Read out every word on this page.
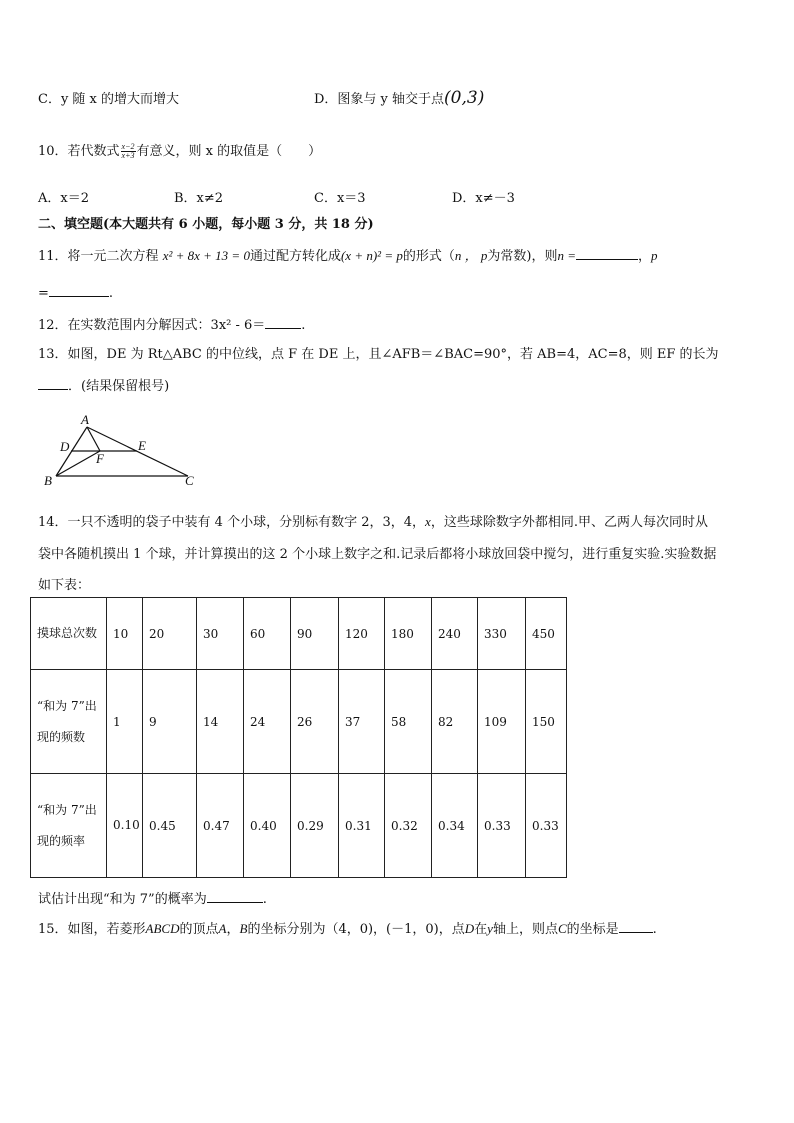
C．y 随 x 的增大而增大	D．图象与 y 轴交于点(0,3)
10．若代数式 $\frac{x-2}{x+3}$ 有意义，则 x 的取值是（　　）
A．x＝2	B．x≠2	C．x＝3	D．x≠－3
二、填空题(本大题共有 6 小题，每小题 3 分，共 18 分)
11．将一元二次方程 x² + 8x + 13 = 0通过配方转化成(x + n)² = p的形式（n ， p为常数)，则n =	，p
=	.
12．在实数范围内分解因式：3x² - 6＝	.
13．如图，DE 为 Rt△ABC 的中位线，点 F 在 DE 上，且∠AFB＝∠BAC=90°，若 AB=4，AC=8，则 EF 的长为
．(结果保留根号)
A
D	E
F
B	C
14．一只不透明的袋子中装有 4 个小球，分别标有数字 2，3，4，x，这些球除数字外都相同.甲、乙两人每次同时从
袋中各随机摸出 1 个球，并计算摸出的这 2 个小球上数字之和.记录后都将小球放回袋中搅匀，进行重复实验.实验数据
如下表：
摸球总次数	10	20	30	60	90	120	180	240	330	450
“和为 7”出现的频数	1	9	14	24	26	37	58	82	109	150
“和为 7”出现的频率	0.10	0.45	0.47	0.40	0.29	0.31	0.32	0.34	0.33	0.33
试估计出现“和为 7”的概率为	.
15．如图，若菱形ABCD的顶点A，B的坐标分别为（4，0)，(－1，0)，点D在y轴上，则点C的坐标是	.
